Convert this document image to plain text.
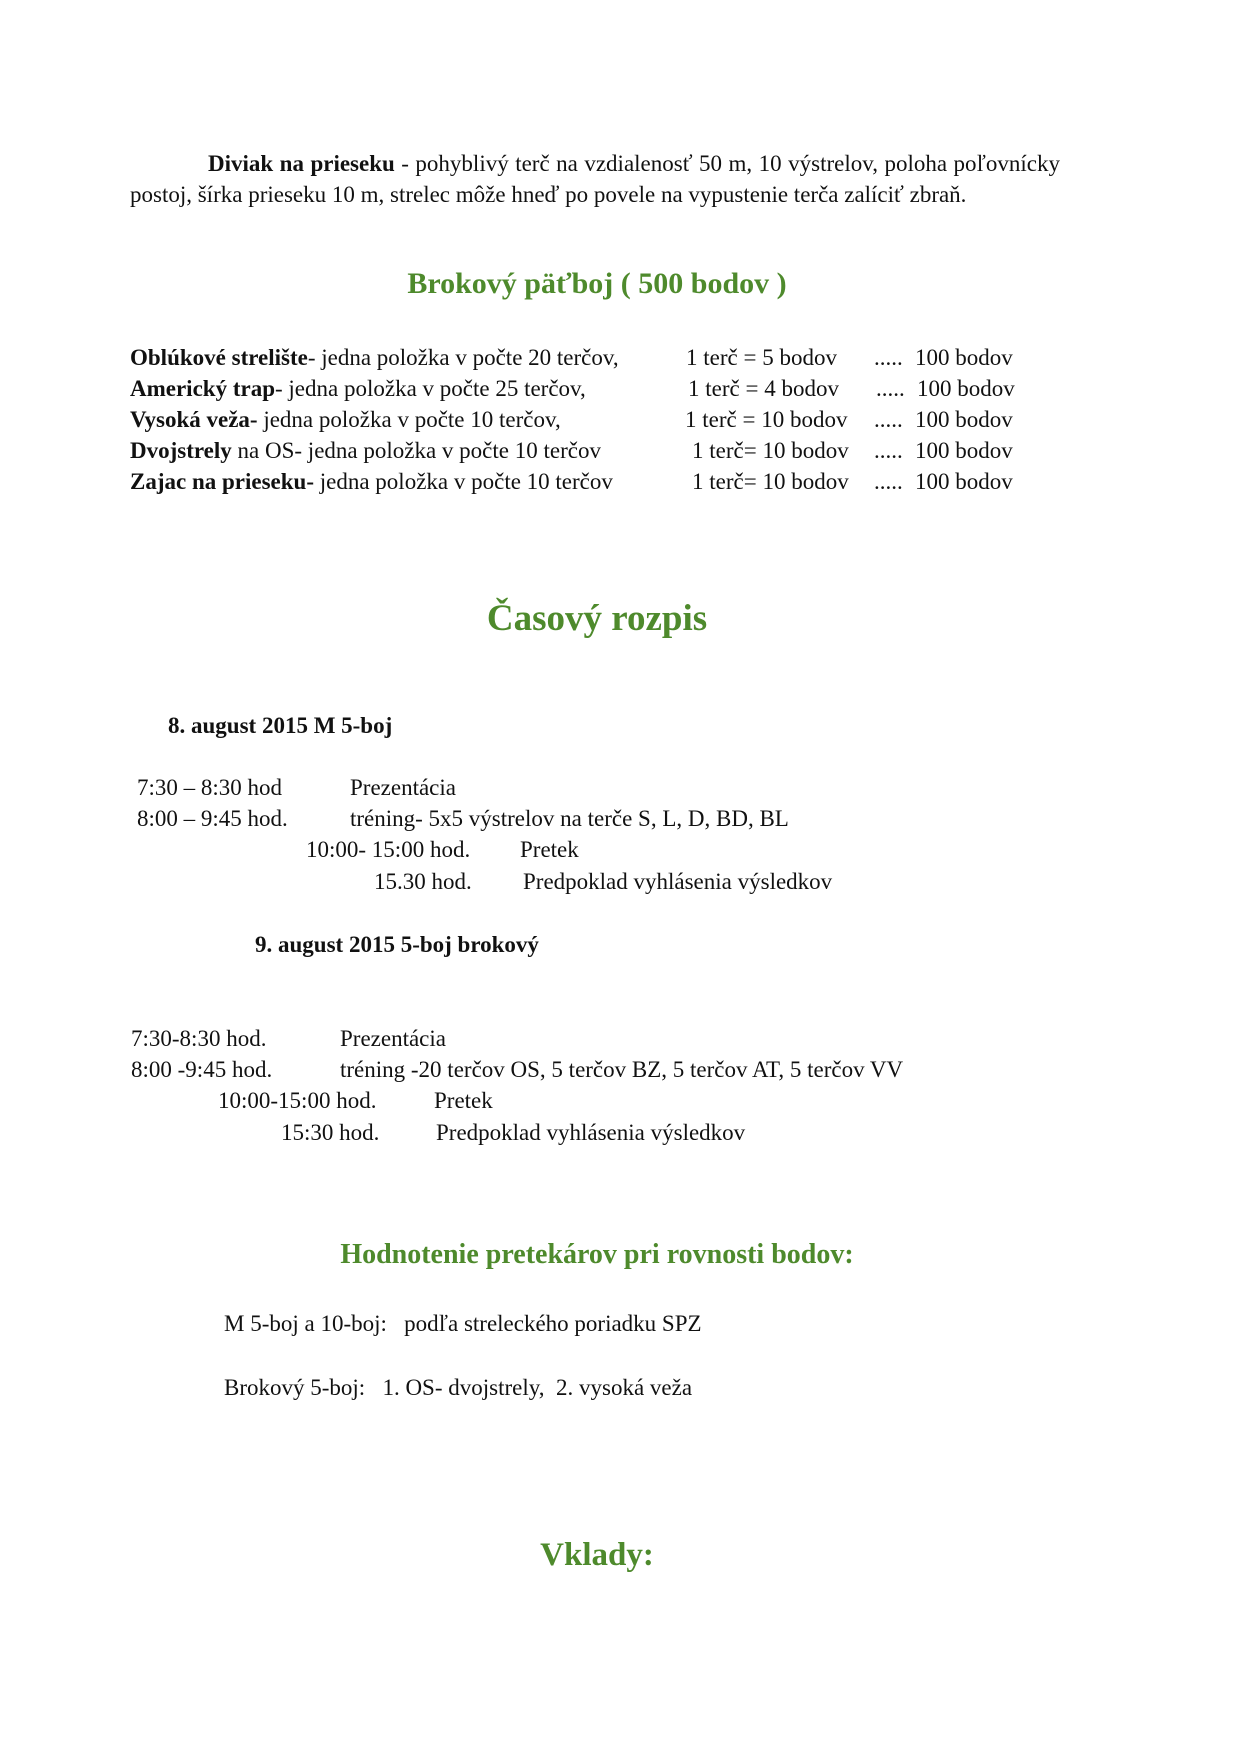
Diviak na prieseku - pohyblivý terč na vzdialenosť 50 m, 10 výstrelov, poloha poľovnícky postoj, šírka prieseku 10 m, strelec môže hneď po povele na vypustenie terča zalíciť zbraň.

Brokový päťboj ( 500 bodov )
Oblúkové strelište- jedna položka v počte 20 terčov,	1 terč = 5 bodov ..... 100 bodov
Americký trap- jedna položka v počte 25 terčov,	1 terč = 4 bodov ..... 100 bodov
Vysoká veža- jedna položka v počte 10 terčov,	1 terč = 10 bodov ..... 100 bodov
Dvojstrely na OS- jedna položka v počte 10 terčov	1 terč= 10 bodov ..... 100 bodov
Zajac na prieseku- jedna položka v počte 10 terčov	1 terč= 10 bodov ..... 100 bodov
Časový rozpis
8. august 2015 M 5-boj
7:30 – 8:30 hod	Prezentácia
8:00 – 9:45 hod.	tréning- 5x5 výstrelov na terče S, L, D, BD, BL
10:00- 15:00 hod. Pretek
15.30 hod. Predpoklad vyhlásenia výsledkov
9. august 2015 5-boj brokový
7:30-8:30 hod.	Prezentácia
8:00 -9:45 hod.	tréning -20 terčov OS, 5 terčov BZ, 5 terčov AT, 5 terčov VV
10:00-15:00 hod.	Pretek
15:30 hod. Predpoklad vyhlásenia výsledkov
Hodnotenie pretekárov pri rovnosti bodov:
M 5-boj a 10-boj:   podľa streleckého poriadku SPZ
Brokový 5-boj:   1. OS- dvojstrely,  2. vysoká veža
Vklady:
